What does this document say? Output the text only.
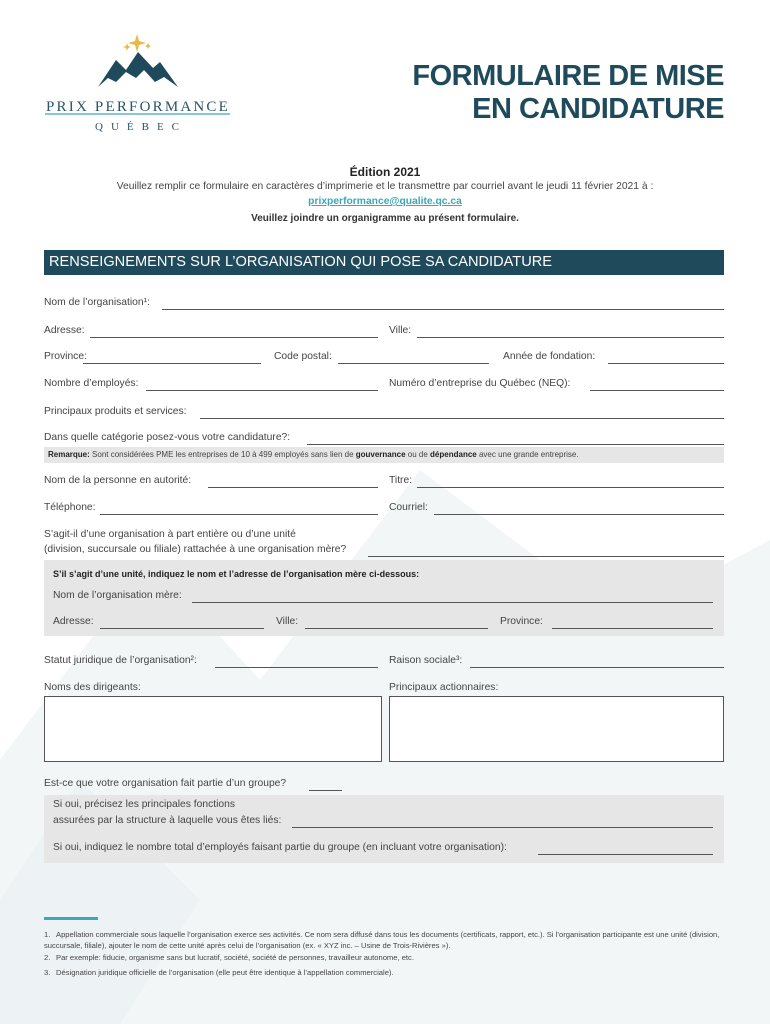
PRIX PERFORMANCE
QUÉBEC
FORMULAIRE DE MISE
EN CANDIDATURE
Édition 2021
Veuillez remplir ce formulaire en caractères d’imprimerie et le transmettre par courriel avant le jeudi 11 février 2021 à :
prixperformance@qualite.qc.ca
Veuillez joindre un organigramme au présent formulaire.
RENSEIGNEMENTS SUR L’ORGANISATION QUI POSE SA CANDIDATURE
Nom de l’organisation¹:
Adresse:	Ville:
Province:	Code postal:	Année de fondation:
Nombre d’employés:	Numéro d’entreprise du Québec (NEQ):
Principaux produits et services:
Dans quelle catégorie posez-vous votre candidature?:
Remarque: Sont considérées PME les entreprises de 10 à 499 employés sans lien de gouvernance ou de dépendance avec une grande entreprise.
Nom de la personne en autorité:	Titre:
Téléphone:	Courriel:
S’agit-il d’une organisation à part entière ou d’une unité
(division, succursale ou filiale) rattachée à une organisation mère?
S’il s’agit d’une unité, indiquez le nom et l’adresse de l’organisation mère ci-dessous:
Nom de l’organisation mère:
Adresse:	Ville:	Province:
Statut juridique de l’organisation²:	Raison sociale³:
Noms des dirigeants:	Principaux actionnaires:
Est-ce que votre organisation fait partie d’un groupe?
Si oui, précisez les principales fonctions
assurées par la structure à laquelle vous êtes liés:
Si oui, indiquez le nombre total d’employés faisant partie du groupe (en incluant votre organisation):
1. Appellation commerciale sous laquelle l’organisation exerce ses activités. Ce nom sera diffusé dans tous les documents (certificats, rapport, etc.). Si l’organisation participante est une unité (division, succursale, filiale), ajouter le nom de cette unité après celui de l’organisation (ex. « XYZ inc. – Usine de Trois-Rivières »).
2. Par exemple: fiducie, organisme sans but lucratif, société, société de personnes, travailleur autonome, etc.
3. Désignation juridique officielle de l’organisation (elle peut être identique à l’appellation commerciale).
